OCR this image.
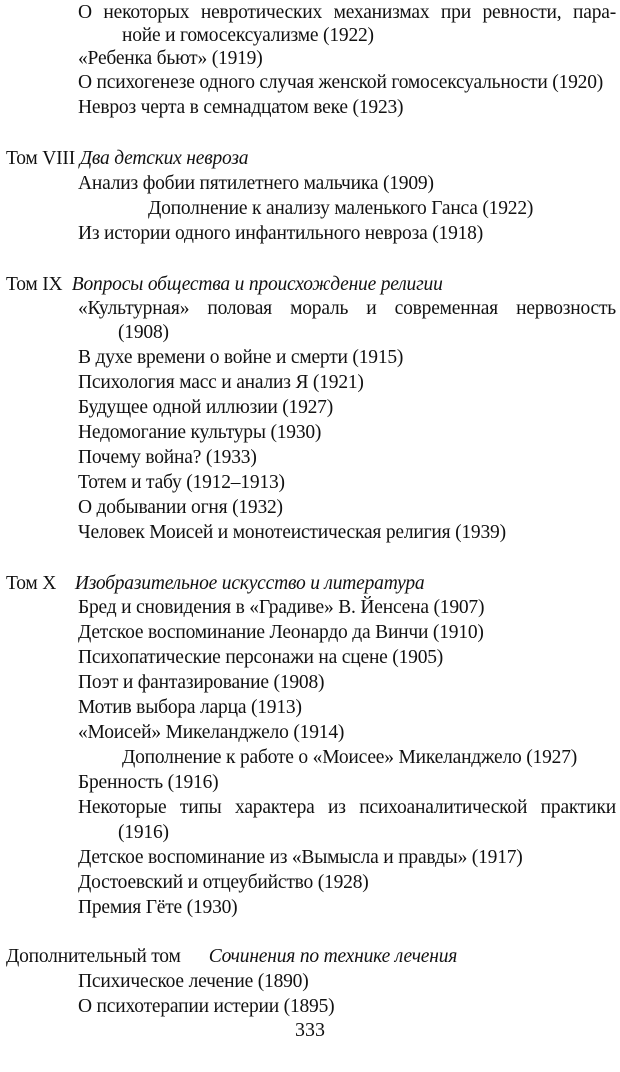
О некоторых невротических механизмах при ревности, пара-

нойе и гомосексуализме (1922)

«Ребенка бьют» (1919)

О психогенезе одного случая женской гомосексуальности (1920)

Невроз черта в семнадцатом веке (1923)

Том VIII Два детских невроза

Анализ фобии пятилетнего мальчика (1909)

Дополнение к анализу маленького Ганса (1922)

Из истории одного инфантильного невроза (1918)

Том IX Вопросы общества и происхождение религии

«Культурная» половая мораль и современная нервозность

(1908)

В духе времени о войне и смерти (1915)

Психология масс и анализ Я (1921)

Будущее одной иллюзии (1927)

Недомогание культуры (1930)

Почему война? (1933)

Тотем и табу (1912–1913)

О добывании огня (1932)

Человек Моисей и монотеистическая религия (1939)

Том X Изобразительное искусство и литература

Бред и сновидения в «Градиве» В. Йенсена (1907)

Детское воспоминание Леонардо да Винчи (1910)

Психопатические персонажи на сцене (1905)

Поэт и фантазирование (1908)

Мотив выбора ларца (1913)

«Моисей» Микеланджело (1914)

Дополнение к работе о «Моисее» Микеланджело (1927)

Бренность (1916)

Некоторые типы характера из психоаналитической практики

(1916)

Детское воспоминание из «Вымысла и правды» (1917)

Достоевский и отцеубийство (1928)

Премия Гёте (1930)

Дополнительный том Сочинения по технике лечения

Психическое лечение (1890)

О психотерапии истерии (1895)

333
